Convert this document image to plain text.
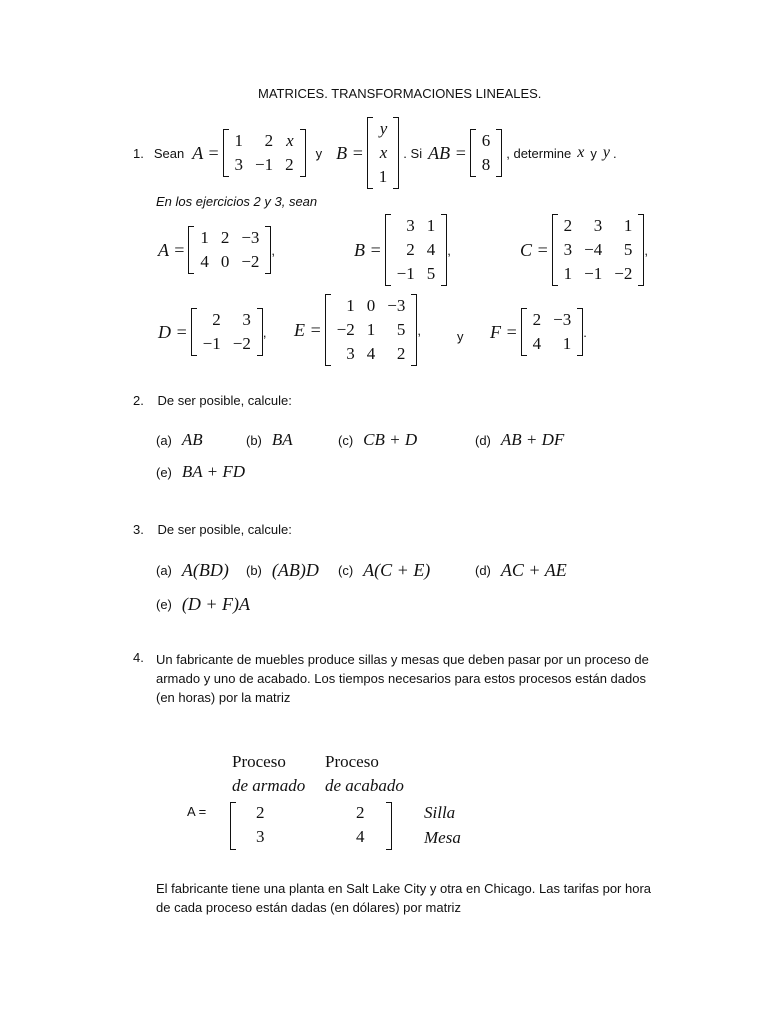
MATRICES. TRANSFORMACIONES LINEALES.
1. Sean A =
1	2	x
3	−1	2
y B =
y
x
1
. Si AB =
6
8
, determine x y y .
En los ejercicios 2 y 3, sean
A =
1	2	−3
4	0	−2
,	B =
3	1
2	4
−1	5
,	C =
2	3	1
3	−4	5
1	−1	−2
,
D =
2	3
−1	−2
, E =
1	0	−3
−2	1	5
3	4	2
,	y F =
2	−3
4	1
.
2. De ser posible, calcule:
(a) AB	(b) BA	(c) CB + D	(d) AB + DF
(e) BA + FD
3. De ser posible, calcule:
(a) A(BD) (b) (AB)D (c) A(C + E)	(d) AC + AE
(e) (D + F)A
4. Un fabricante de muebles produce sillas y mesas que deben pasar por un proceso de armado y uno de acabado. Los tiempos necesarios para estos procesos están dados (en horas) por la matriz
Proceso
de armado
Proceso
de acabado
A =	2	2
3	4
Silla
Mesa
El fabricante tiene una planta en Salt Lake City y otra en Chicago. Las tarifas por hora de cada proceso están dadas (en dólares) por matriz
